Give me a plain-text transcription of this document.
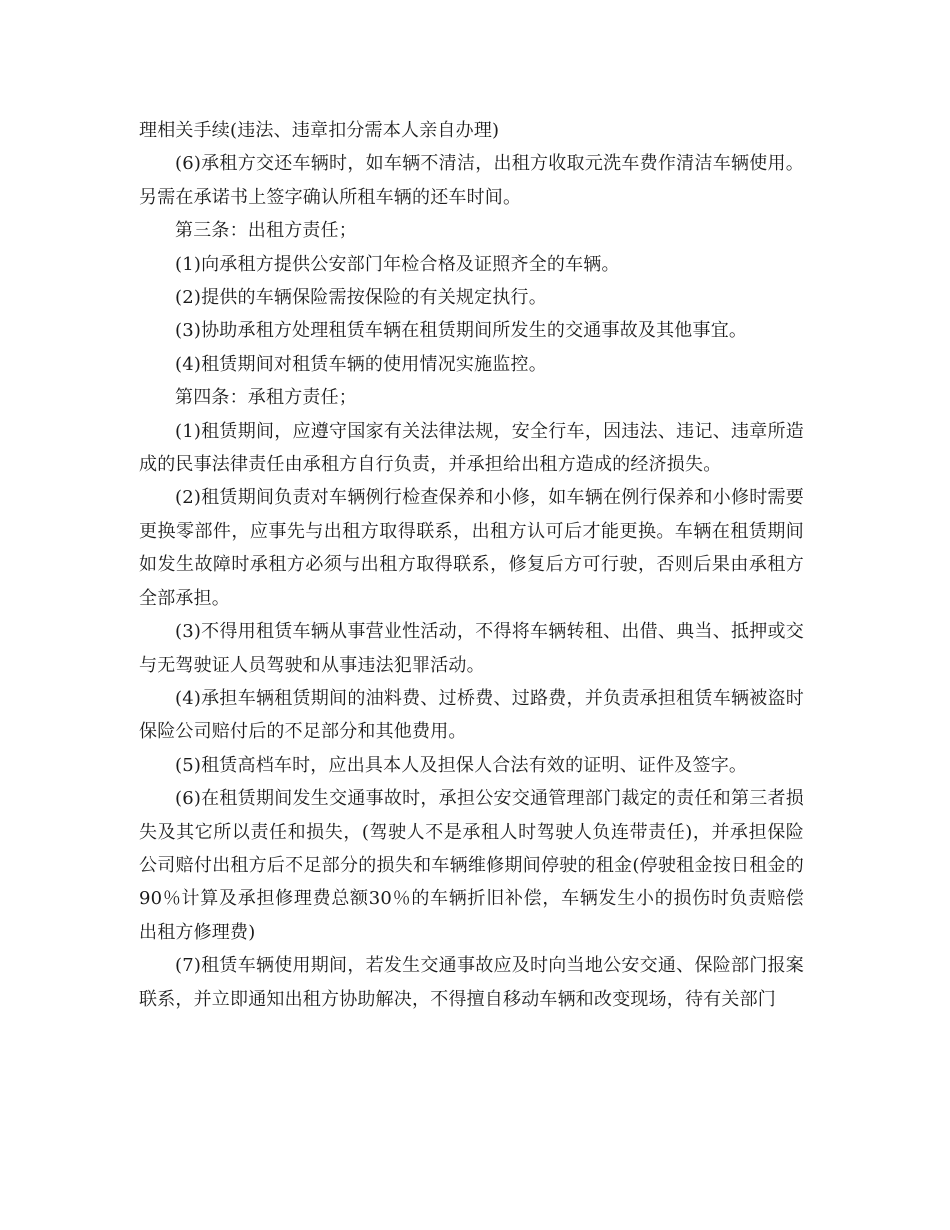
理相关手续(违法、违章扣分需本人亲自办理)

(6)承租方交还车辆时，如车辆不清洁，出租方收取元洗车费作清洁车辆使用。另需在承诺书上签字确认所租车辆的还车时间。

第三条：出租方责任；

(1)向承租方提供公安部门年检合格及证照齐全的车辆。

(2)提供的车辆保险需按保险的有关规定执行。

(3)协助承租方处理租赁车辆在租赁期间所发生的交通事故及其他事宜。

(4)租赁期间对租赁车辆的使用情况实施监控。

第四条：承租方责任；

(1)租赁期间，应遵守国家有关法律法规，安全行车，因违法、违记、违章所造成的民事法律责任由承租方自行负责，并承担给出租方造成的经济损失。

(2)租赁期间负责对车辆例行检查保养和小修，如车辆在例行保养和小修时需要更换零部件，应事先与出租方取得联系，出租方认可后才能更换。车辆在租赁期间如发生故障时承租方必须与出租方取得联系，修复后方可行驶，否则后果由承租方全部承担。

(3)不得用租赁车辆从事营业性活动，不得将车辆转租、出借、典当、抵押或交与无驾驶证人员驾驶和从事违法犯罪活动。

(4)承担车辆租赁期间的油料费、过桥费、过路费，并负责承担租赁车辆被盗时保险公司赔付后的不足部分和其他费用。

(5)租赁高档车时，应出具本人及担保人合法有效的证明、证件及签字。

(6)在租赁期间发生交通事故时，承担公安交通管理部门裁定的责任和第三者损失及其它所以责任和损失，(驾驶人不是承租人时驾驶人负连带责任)，并承担保险公司赔付出租方后不足部分的损失和车辆维修期间停驶的租金(停驶租金按日租金的90％计算及承担修理费总额30％的车辆折旧补偿，车辆发生小的损伤时负责赔偿出租方修理费)

(7)租赁车辆使用期间，若发生交通事故应及时向当地公安交通、保险部门报案联系，并立即通知出租方协助解决，不得擅自移动车辆和改变现场，待有关部门
